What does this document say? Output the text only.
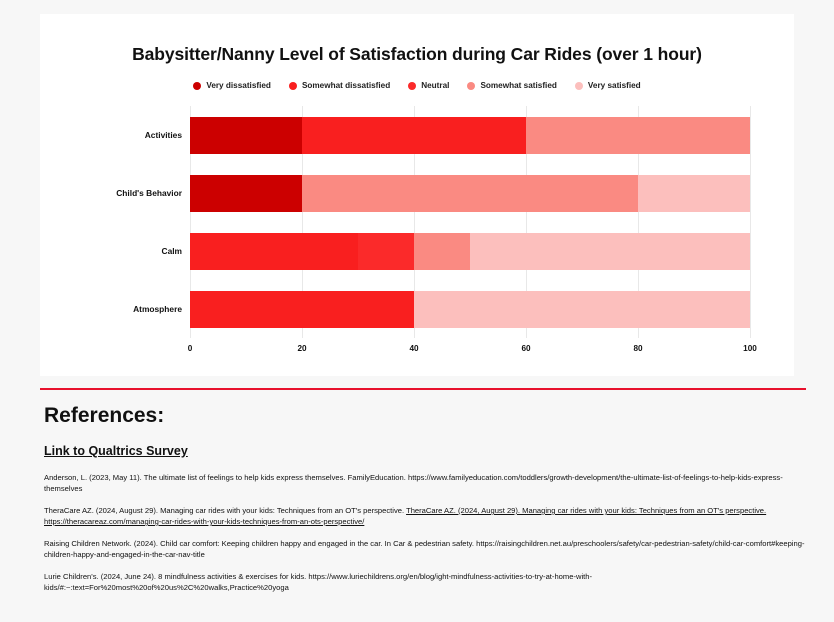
Babysitter/Nanny Level of Satisfaction during Car Rides (over 1 hour)
Very dissatisfied	Somewhat dissatisfied	Neutral	Somewhat satisfied	Very satisfied
Activities
Child's Behavior
Calm
Atmosphere
0	20	40	60	80	100
References:
Link to Qualtrics Survey
Anderson, L. (2023, May 11). The ultimate list of feelings to help kids express themselves. FamilyEducation. https://www.familyeducation.com/toddlers/growth-development/the-ultimate-list-of-feelings-to-help-kids-express-themselves
TheraCare AZ. (2024, August 29). Managing car rides with your kids: Techniques from an OT's perspective. TheraCare AZ. (2024, August 29). Managing car rides with your kids: Techniques from an OT's perspective. https://theracareaz.com/managing-car-rides-with-your-kids-techniques-from-an-ots-perspective/
Raising Children Network. (2024). Child car comfort: Keeping children happy and engaged in the car. In Car & pedestrian safety. https://raisingchildren.net.au/preschoolers/safety/car-pedestrian-safety/child-car-comfort#keeping-children-happy-and-engaged-in-the-car-nav-title
Lurie Children's. (2024, June 24). 8 mindfulness activities & exercises for kids. https://www.luriechildrens.org/en/blog/ight-mindfulness-activities-to-try-at-home-with-kids/#:~:text=For%20most%20of%20us%2C%20walks,Practice%20yoga
